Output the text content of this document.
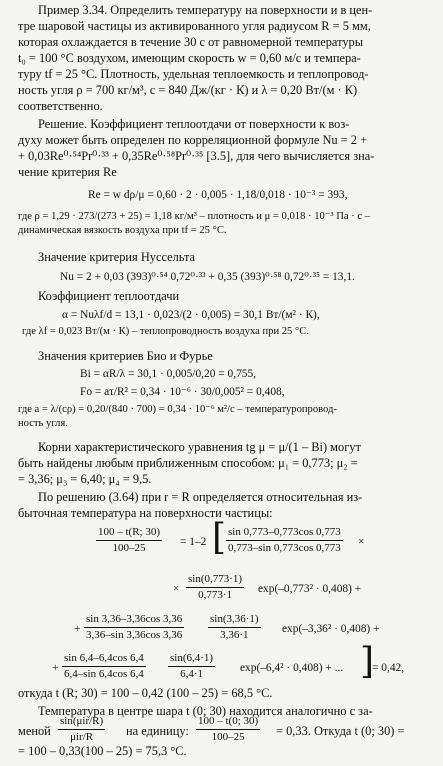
Пример 3.34. Определить температуру на поверхности и в цен-
тре шаровой частицы из активированного угля радиусом R = 5 мм,
которая охлаждается в течение 30 с от равномерной температуры
t₀ = 100 °С воздухом, имеющим скорость w = 0,60 м/с и темпера-
туру tf = 25 °С. Плотность, удельная теплоемкость и теплопровод-
ность угля ρ = 700 кг/м³, c = 840 Дж/(кг · К) и λ = 0,20 Вт/(м · К)
соответственно.
Решение. Коэффициент теплоотдачи от поверхности к воз-
духу может быть определен по корреляционной формуле Nu = 2 +
+ 0,03Re⁰·⁵⁴Pr⁰·³³ + 0,35Re⁰·⁵⁸Pr⁰·³⁵ [3.5], для чего вычисляется зна-
чение критерия Re
Re = w dρ/μ = 0,60 · 2 · 0,005 · 1,18/0,018 · 10⁻³ = 393,
где ρ = 1,29 · 273/(273 + 25) = 1,18 кг/м³ – плотность и μ = 0,018 · 10⁻³ Па · с –
динамическая вязкость воздуха при tf = 25 °С.
Значение критерия Нуссельта
Nu = 2 + 0,03 (393)⁰·⁵⁴ 0,72⁰·³³ + 0,35 (393)⁰·⁵⁸ 0,72⁰·³⁵ = 13,1.
Коэффициент теплоотдачи
α = Nuλf/d = 13,1 · 0,023/(2 · 0,005) = 30,1 Вт/(м² · К),
где λf = 0,023 Вт/(м · К) – теплопроводность воздуха при 25 °С.
Значения критериев Био и Фурье
Bi = αR/λ = 30,1 · 0,005/0,20 = 0,755,
Fo = aτ/R² = 0,34 · 10⁻⁶ · 30/0,005² = 0,408,
где a = λ/(cρ) = 0,20/(840 · 700) = 0,34 · 10⁻⁶ м²/с – температуропровод-
ность угля.
Корни характеристического уравнения tg μ = μ/(1 – Bi) могут
быть найдены любым приближенным способом: μ₁ = 0,773; μ₂ =
= 3,36; μ₃ = 6,40; μ₄ = 9,5.
По решению (3.64) при r = R определяется относительная из-
быточная температура на поверхности частицы:
$\frac{100 - t(R; 30)}{100-25} = 1-2$ [ $\frac{\sin 0,773-0,773\cos 0,773}{0,773-\sin 0,773\cos 0,773}$ ×
× $\frac{\sin(0,773\cdot 1)}{0,773\cdot 1} \exp(-0,773^2 \cdot 0,408)$ +
+ $\frac{\sin 3,36-3,36\cos 3,36}{3,36-\sin 3,36\cos 3,36} \frac{\sin(3,36\cdot 1)}{3,36\cdot 1} \exp(-3,36^2 \cdot 0,408)$ +
+ $\frac{\sin 6,4-6,4\cos 6,4}{6,4-\sin 6,4\cos 6,4} \frac{\sin(6,4\cdot 1)}{6,4\cdot 1} \exp(-6,4^2 \cdot 0,408)$ + ... ]
= 0,42,
откуда t (R; 30) = 100 – 0,42 (100 – 25) = 68,5 °С.
Температура в центре шара t (0; 30) находится аналогично с за-
меной
sin(μir/R)
μir/R	на единицу: $\frac{100 - t(0; 30)}{100-25} = 0,33$. Откуда t (0; 30) =
= 100 – 0,33(100 – 25) = 75,3 °С.
